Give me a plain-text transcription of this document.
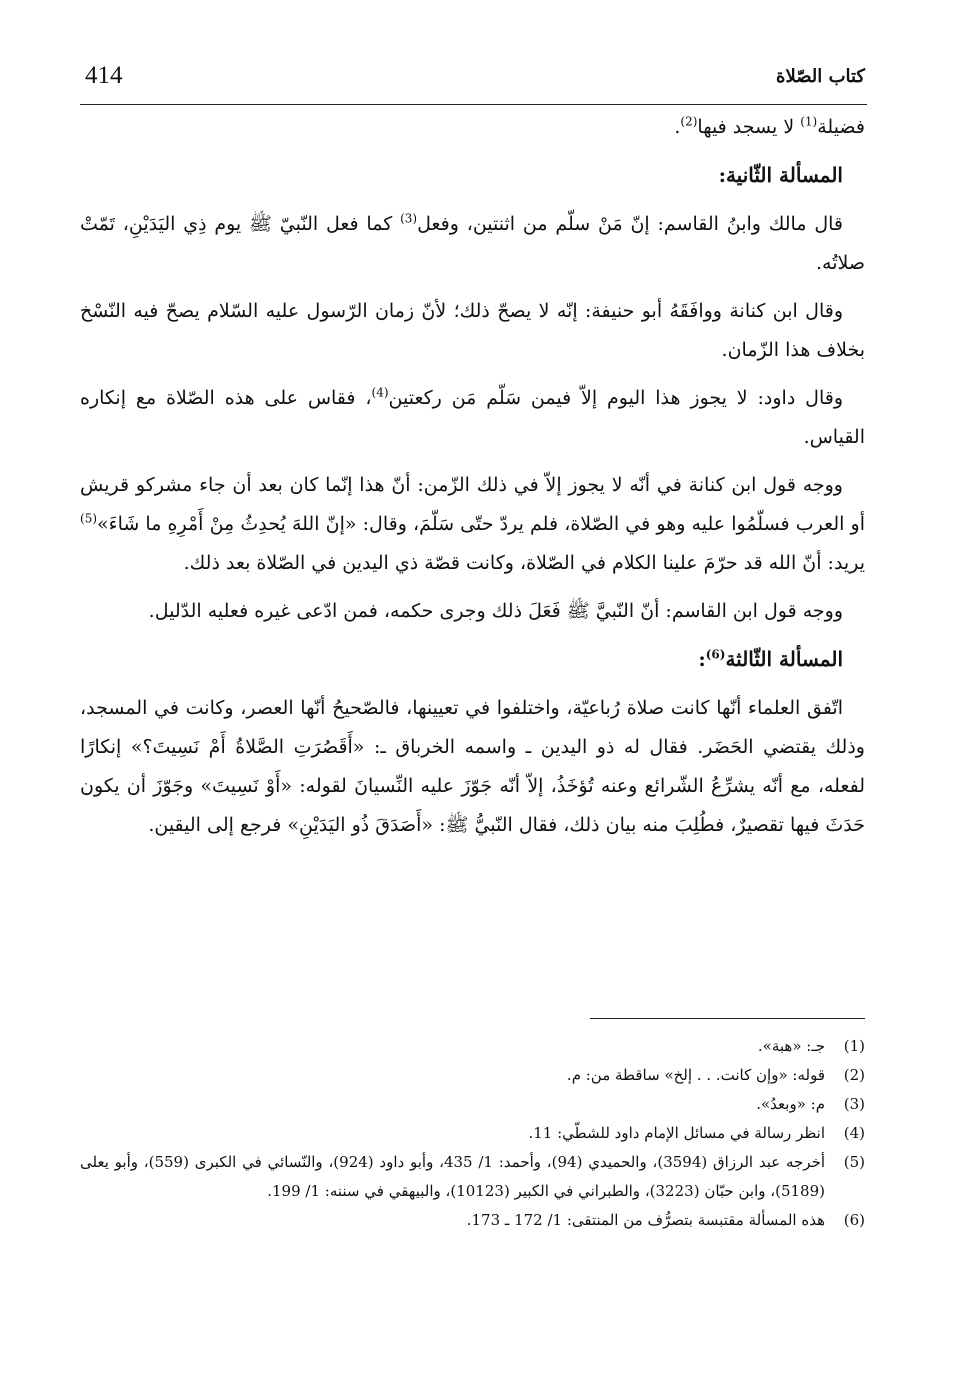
414	كتاب الصّلاة

فضيلة$^{(1)}$ لا يسجد فيها$^{(2)}$.

المسألة الثّانية:

قال مالك وابنُ القاسم: إنّ مَنْ سلّم من اثنتين، وفعل$^{(3)}$ كما فعل النّبيّ ﷺ يوم ذِي اليَدَيْنِ، تَمّتْ صلاتُه.

وقال ابن كنانة ووافَقَهُ أبو حنيفة: إنّه لا يصحّ ذلك؛ لأنّ زمان الرّسول عليه السّلام يصحّ فيه النّسْخ بخلاف هذا الزّمان.

وقال داود: لا يجوز هذا اليوم إلاّ فيمن سَلّم مَن ركعتين$^{(4)}$، فقاس على هذه الصّلاة مع إنكاره القياس.

ووجه قول ابن كنانة في أنّه لا يجوز إلاّ في ذلك الزّمن: أنّ هذا إنّما كان بعد أن جاء مشركو قريش أو العرب فسلّمُوا عليه وهو في الصّلاة، فلم يردّ حتّى سَلّمَ، وقال: «إنّ اللهَ يُحدِثُ مِنْ أَمْرِهِ ما شَاءَ»$^{(5)}$ يريد: أنّ الله قد حرّمَ علينا الكلام في الصّلاة، وكانت قصّة ذي اليدين في الصّلاة بعد ذلك.

ووجه قول ابن القاسم: أنّ النّبيَّ ﷺ فَعَلَ ذلك وجرى حكمه، فمن ادّعى غيره فعليه الدّليل.

المسألة الثّالثة$^{(6)}$:

اتّفق العلماء أنّها كانت صلاة رُباعيّة، واختلفوا في تعيينها، فالصّحيحُ أنّها العصر، وكانت في المسجد، وذلك يقتضي الحَضَر. فقال له ذو اليدين ـ واسمه الخرباق ـ: «أَقَصُرَتِ الصَّلاةُ أَمْ نَسِيتَ؟» إنكارًا لفعله، مع أنّه يشرِّعُ الشّرائع وعنه تُؤخَذُ، إلاّ أنّه جَوّزَ عليه النِّسيانَ لقوله: «أَوْ نَسِيتَ» وجَوّزَ أن يكون حَدَثَ فيها تقصيرٌ، فطُلِبَ منه بيان ذلك، فقال النّبيُّ ﷺ: «أَصَدَقَ ذُو اليَدَيْنِ» فرجع إلى اليقين.

(1)
جـ: «هبة».
(2)
قوله: «وإن كانت. . . إلخ» ساقطة من: م.
(3)
م: «وبعدُ».
(4)
انظر رسالة في مسائل الإمام داود للشطّي: 11.
(5)
أخرجه عبد الرزاق (3594)، والحميدي (94)، وأحمد: 1/ 435، وأبو داود (924)، والنّسائي في الكبرى (559)، وأبو يعلى (5189)، وابن حبّان (3223)، والطبراني في الكبير (10123)، والبيهقي في سننه: 1/ 199.
(6)
هذه المسألة مقتبسة بتصرُّف من المنتقى: 1/ 172 ـ 173.
